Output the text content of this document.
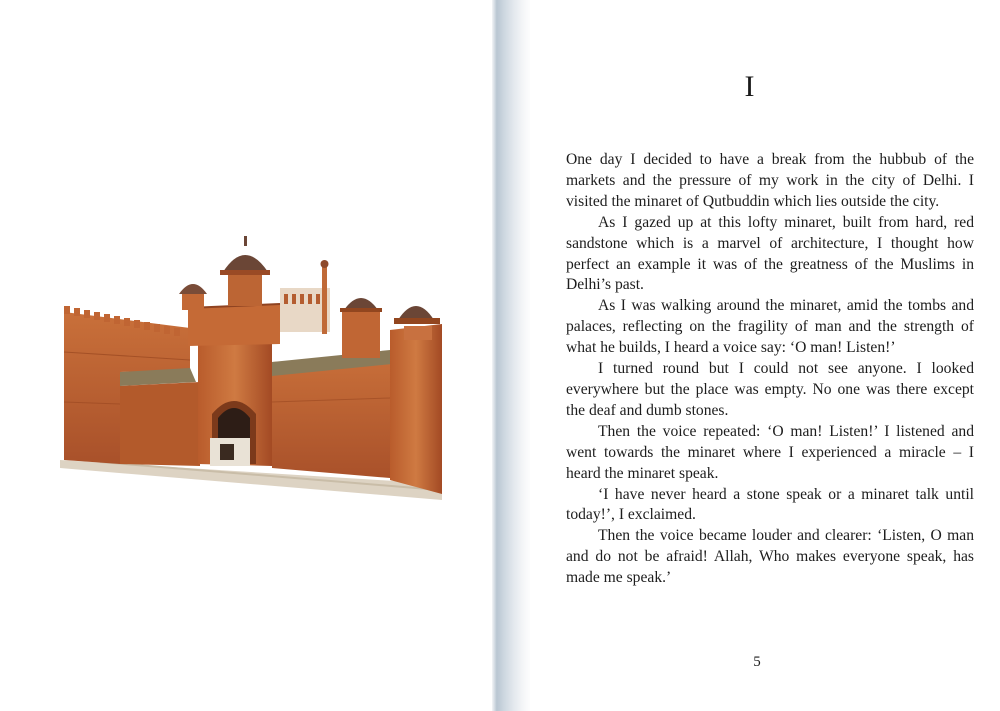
I

One day I decided to have a break from the hubbub of the markets and the pressure of my work in the city of Delhi. I visited the minaret of Qutbuddin which lies outside the city.

As I gazed up at this lofty minaret, built from hard, red sandstone which is a marvel of architecture, I thought how perfect an example it was of the greatness of the Muslims in Delhi’s past.

As I was walking around the minaret, amid the tombs and palaces, reflecting on the fragility of man and the strength of what he builds, I heard a voice say: ‘O man! Listen!’

I turned round but I could not see anyone. I looked everywhere but the place was empty. No one was there except the deaf and dumb stones.

Then the voice repeated: ‘O man! Listen!’ I listened and went towards the minaret where I experienced a miracle – I heard the minaret speak.

‘I have never heard a stone speak or a minaret talk until today!’, I exclaimed.

Then the voice became louder and clearer: ‘Listen, O man and do not be afraid! Allah, Who makes everyone speak, has made me speak.’

5
